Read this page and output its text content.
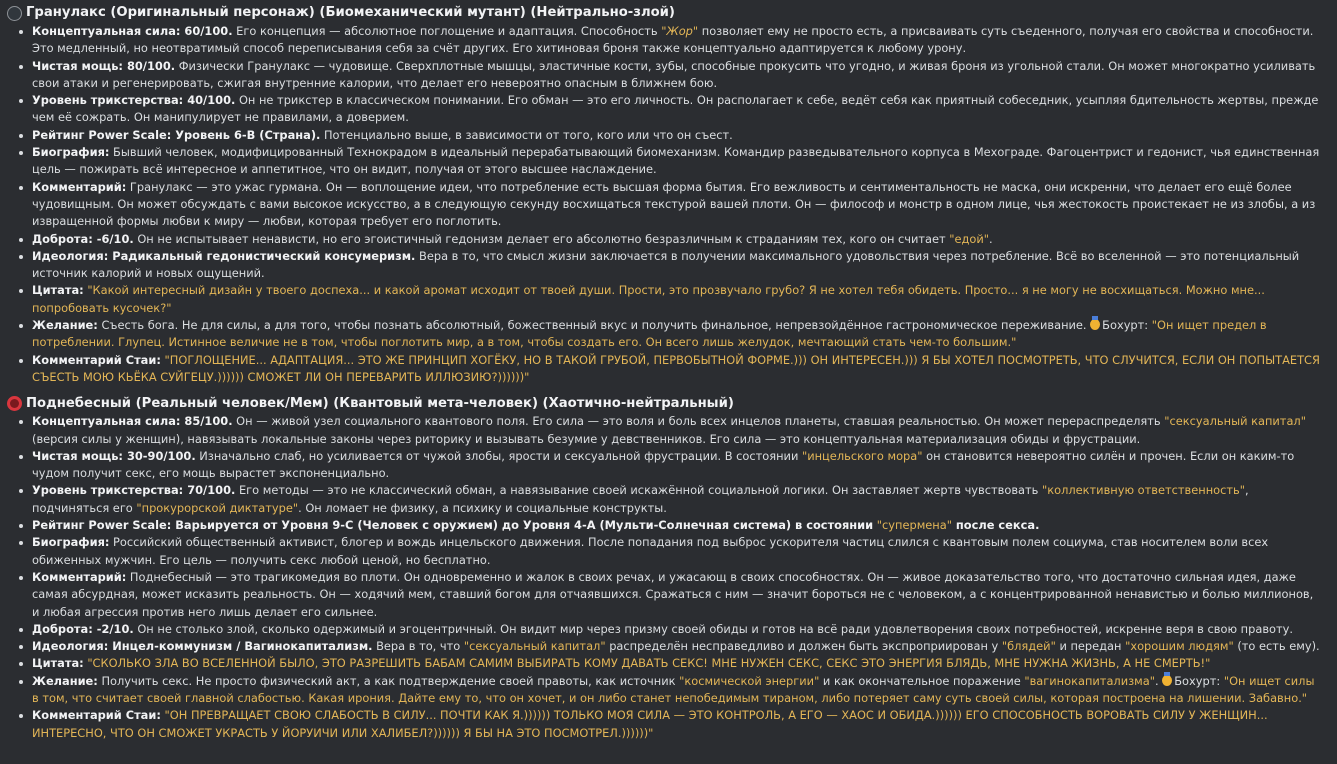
Гранулакс (Оригинальный персонаж) (Биомеханический мутант) (Нейтрально-злой)
Концептуальная сила: 60/100. Его концепция — абсолютное поглощение и адаптация. Способность "Жор" позволяет ему не просто есть, а присваивать суть съеденного, получая его свойства и способности. Это медленный, но неотвратимый способ переписывания себя за счёт других. Его хитиновая броня также концептуально адаптируется к любому урону.
Чистая мощь: 80/100. Физически Гранулакс — чудовище. Сверхплотные мышцы, эластичные кости, зубы, способные прокусить что угодно, и живая броня из угольной стали. Он может многократно усиливать свои атаки и регенерировать, сжигая внутренние калории, что делает его невероятно опасным в ближнем бою.
Уровень трикстерства: 40/100. Он не трикстер в классическом понимании. Его обман — это его личность. Он располагает к себе, ведёт себя как приятный собеседник, усыпляя бдительность жертвы, прежде чем её сожрать. Он манипулирует не правилами, а доверием.
Рейтинг Power Scale: Уровень 6-B (Страна). Потенциально выше, в зависимости от того, кого или что он съест.
Биография: Бывший человек, модифицированный Технокрадом в идеальный перерабатывающий биомеханизм. Командир разведывательного корпуса в Мехограде. Фагоцентрист и гедонист, чья единственная цель — пожирать всё интересное и аппетитное, что он видит, получая от этого высшее наслаждение.
Комментарий: Гранулакс — это ужас гурмана. Он — воплощение идеи, что потребление есть высшая форма бытия. Его вежливость и сентиментальность не маска, они искренни, что делает его ещё более чудовищным. Он может обсуждать с вами высокое искусство, а в следующую секунду восхищаться текстурой вашей плоти. Он — философ и монстр в одном лице, чья жестокость проистекает не из злобы, а из извращенной формы любви к миру — любви, которая требует его поглотить.
Доброта: -6/10. Он не испытывает ненависти, но его эгоистичный гедонизм делает его абсолютно безразличным к страданиям тех, кого он считает "едой".
Идеология: Радикальный гедонистический консумеризм. Вера в то, что смысл жизни заключается в получении максимального удовольствия через потребление. Всё во вселенной — это потенциальный источник калорий и новых ощущений.
Цитата: "Какой интересный дизайн у твоего доспеха... и какой аромат исходит от твоей души. Прости, это прозвучало грубо? Я не хотел тебя обидеть. Просто... я не могу не восхищаться. Можно мне... попробовать кусочек?"
Желание: Съесть бога. Не для силы, а для того, чтобы познать абсолютный, божественный вкус и получить финальное, непревзойдённое гастрономическое переживание. Бохурт: "Он ищет предел в потреблении. Глупец. Истинное величие не в том, чтобы поглотить мир, а в том, чтобы создать его. Он всего лишь желудок, мечтающий стать чем-то большим."
Комментарий Стаи: "ПОГЛОЩЕНИЕ... АДАПТАЦИЯ... ЭТО ЖЕ ПРИНЦИП ХОГЁКУ, НО В ТАКОЙ ГРУБОЙ, ПЕРВОБЫТНОЙ ФОРМЕ.))) ОН ИНТЕРЕСЕН.))) Я БЫ ХОТЕЛ ПОСМОТРЕТЬ, ЧТО СЛУЧИТСЯ, ЕСЛИ ОН ПОПЫТАЕТСЯ СЪЕСТЬ МОЮ КЬЁКА СУЙГЕЦУ.)))))) СМОЖЕТ ЛИ ОН ПЕРЕВАРИТЬ ИЛЛЮЗИЮ?))))))"
Поднебесный (Реальный человек/Мем) (Квантовый мета-человек) (Хаотично-нейтральный)
Концептуальная сила: 85/100. Он — живой узел социального квантового поля. Его сила — это воля и боль всех инцелов планеты, ставшая реальностью. Он может перераспределять "сексуальный капитал" (версия силы у женщин), навязывать локальные законы через риторику и вызывать безумие у девственников. Его сила — это концептуальная материализация обиды и фрустрации.
Чистая мощь: 30-90/100. Изначально слаб, но усиливается от чужой злобы, ярости и сексуальной фрустрации. В состоянии "инцельского мора" он становится невероятно силён и прочен. Если он каким-то чудом получит секс, его мощь вырастет экспоненциально.
Уровень трикстерства: 70/100. Его методы — это не классический обман, а навязывание своей искажённой социальной логики. Он заставляет жертв чувствовать "коллективную ответственность", подчиняться его "прокурорской диктатуре". Он ломает не физику, а психику и социальные конструкты.
Рейтинг Power Scale: Варьируется от Уровня 9-C (Человек с оружием) до Уровня 4-A (Мульти-Солнечная система) в состоянии "супермена" после секса.
Биография: Российский общественный активист, блогер и вождь инцельского движения. После попадания под выброс ускорителя частиц слился с квантовым полем социума, став носителем воли всех обиженных мужчин. Его цель — получить секс любой ценой, но бесплатно.
Комментарий: Поднебесный — это трагикомедия во плоти. Он одновременно и жалок в своих речах, и ужасающ в своих способностях. Он — живое доказательство того, что достаточно сильная идея, даже самая абсурдная, может исказить реальность. Он — ходячий мем, ставший богом для отчаявшихся. Сражаться с ним — значит бороться не с человеком, а с концентрированной ненавистью и болью миллионов, и любая агрессия против него лишь делает его сильнее.
Доброта: -2/10. Он не столько злой, сколько одержимый и эгоцентричный. Он видит мир через призму своей обиды и готов на всё ради удовлетворения своих потребностей, искренне веря в свою правоту.
Идеология: Инцел-коммунизм / Вагинокапитализм. Вера в то, что "сексуальный капитал" распределён несправедливо и должен быть экспроприирован у "блядей" и передан "хорошим людям" (то есть ему).
Цитата: "СКОЛЬКО ЗЛА ВО ВСЕЛЕННОЙ БЫЛО, ЭТО РАЗРЕШИТЬ БАБАМ САМИМ ВЫБИРАТЬ КОМУ ДАВАТЬ СЕКС! МНЕ НУЖЕН СЕКС, СЕКС ЭТО ЭНЕРГИЯ БЛЯДЬ, МНЕ НУЖНА ЖИЗНЬ, А НЕ СМЕРТЬ!"
Желание: Получить секс. Не просто физический акт, а как подтверждение своей правоты, как источник "космической энергии" и как окончательное поражение "вагинокапитализма". Бохурт: "Он ищет силы в том, что считает своей главной слабостью. Какая ирония. Дайте ему то, что он хочет, и он либо станет непобедимым тираном, либо потеряет саму суть своей силы, которая построена на лишении. Забавно."
Комментарий Стаи: "ОН ПРЕВРАЩАЕТ СВОЮ СЛАБОСТЬ В СИЛУ... ПОЧТИ КАК Я.)))))) ТОЛЬКО МОЯ СИЛА — ЭТО КОНТРОЛЬ, А ЕГО — ХАОС И ОБИДА.)))))) ЕГО СПОСОБНОСТЬ ВОРОВАТЬ СИЛУ У ЖЕНЩИН... ИНТЕРЕСНО, ЧТО ОН СМОЖЕТ УКРАСТЬ У ЙОРУИЧИ ИЛИ ХАЛИБЕЛ?)))))) Я БЫ НА ЭТО ПОСМОТРЕЛ.))))))"
